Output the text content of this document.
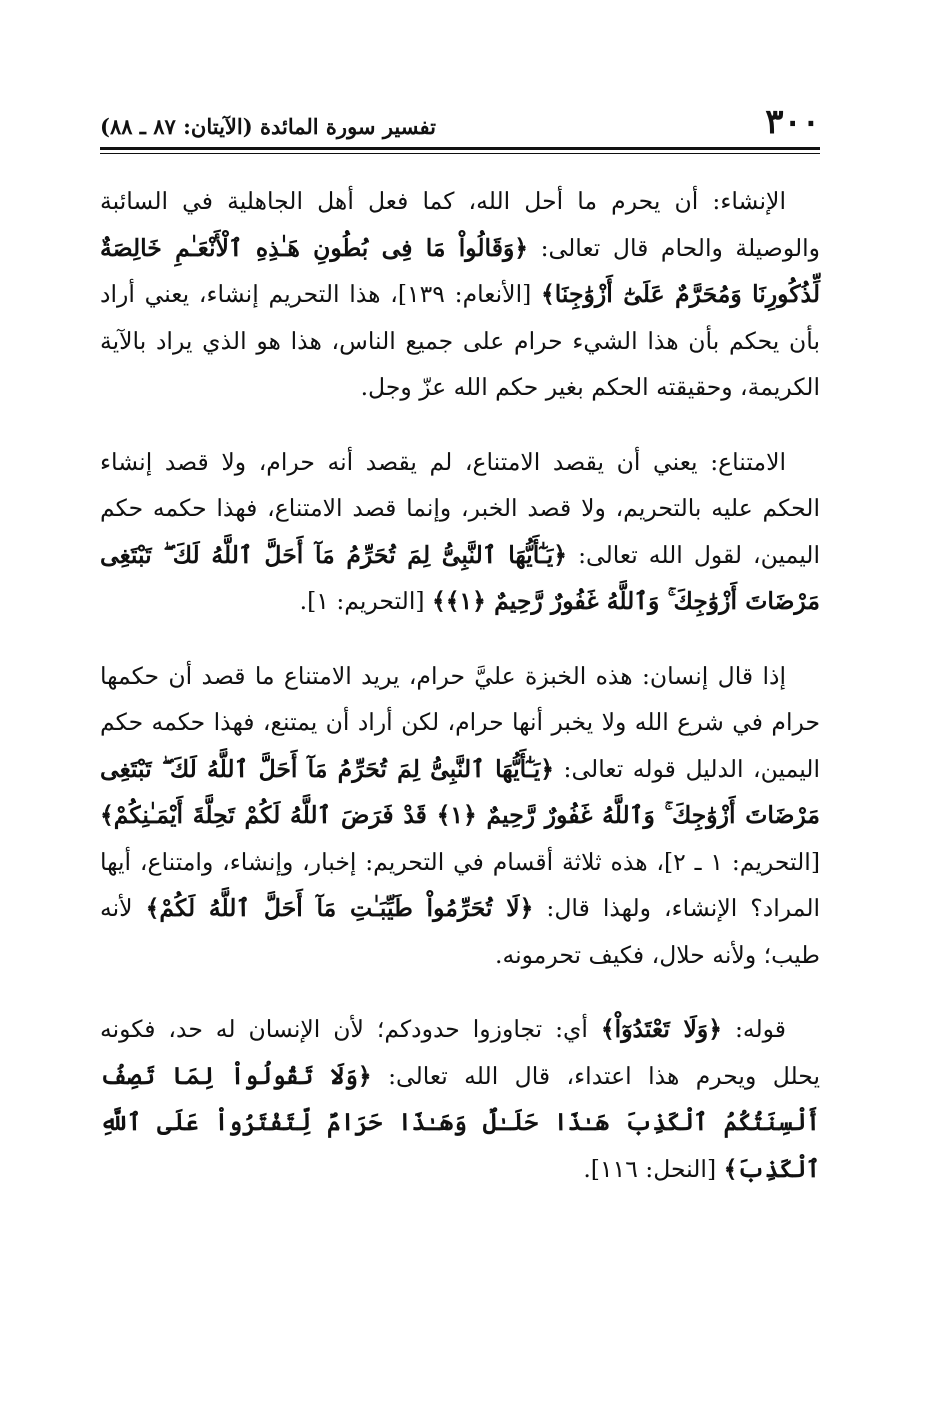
٣٠٠
تفسير سورة المائدة (الآيتان: ٨٧ ـ ٨٨)

الإنشاء: أن يحرم ما أحل الله، كما فعل أهل الجاهلية في السائبة والوصيلة والحام قال تعالى: ﴿وَقَالُواْ مَا فِى بُطُونِ هَـٰذِهِ ٱلْأَنْعَـٰمِ خَالِصَةٌ لِّذُكُورِنَا وَمُحَرَّمٌ عَلَىٰٓ أَزْوَٰجِنَا﴾ [الأنعام: ١٣٩]، هذا التحريم إنشاء، يعني أراد بأن يحكم بأن هذا الشيء حرام على جميع الناس، هذا هو الذي يراد بالآية الكريمة، وحقيقته الحكم بغير حكم الله عزّ وجل.

الامتناع: يعني أن يقصد الامتناع، لم يقصد أنه حرام، ولا قصد إنشاء الحكم عليه بالتحريم، ولا قصد الخبر، وإنما قصد الامتناع، فهذا حكمه حكم اليمين، لقول الله تعالى: ﴿يَـٰٓأَيُّهَا ٱلنَّبِىُّ لِمَ تُحَرِّمُ مَآ أَحَلَّ ٱللَّهُ لَكَ ۖ تَبْتَغِى مَرْضَاتَ أَزْوَٰجِكَ ۚ وَٱللَّهُ غَفُورٌ رَّحِيمٌ ﴿١﴾﴾ [التحريم: ١].

إذا قال إنسان: هذه الخبزة عليَّ حرام، يريد الامتناع ما قصد أن حكمها حرام في شرع الله ولا يخبر أنها حرام، لكن أراد أن يمتنع، فهذا حكمه حكم اليمين، الدليل قوله تعالى: ﴿يَـٰٓأَيُّهَا ٱلنَّبِىُّ لِمَ تُحَرِّمُ مَآ أَحَلَّ ٱللَّهُ لَكَ ۖ تَبْتَغِى مَرْضَاتَ أَزْوَٰجِكَ ۚ وَٱللَّهُ غَفُورٌ رَّحِيمٌ ﴿١﴾ قَدْ فَرَضَ ٱللَّهُ لَكُمْ تَحِلَّةَ أَيْمَـٰنِكُمْ﴾ [التحريم: ١ ـ ٢]، هذه ثلاثة أقسام في التحريم: إخبار، وإنشاء، وامتناع، أيها المراد؟ الإنشاء، ولهذا قال: ﴿لَا تُحَرِّمُواْ طَيِّبَـٰتِ مَآ أَحَلَّ ٱللَّهُ لَكُمْ﴾ لأنه طيب؛ ولأنه حلال، فكيف تحرمونه.

قوله: ﴿وَلَا تَعْتَدُوٓاْ﴾ أي: تجاوزوا حدودكم؛ لأن الإنسان له حد، فكونه يحلل ويحرم هذا اعتداء، قال الله تعالى: ﴿وَلَا تَقُولُواْ لِمَا تَصِفُ أَلْسِنَتُكُمُ ٱلْكَذِبَ هَـٰذَا حَلَـٰلٌ وَهَـٰذَا حَرَامٌ لِّتَفْتَرُواْ عَلَى ٱللَّهِ ٱلْكَذِبَ﴾ [النحل: ١١٦].
